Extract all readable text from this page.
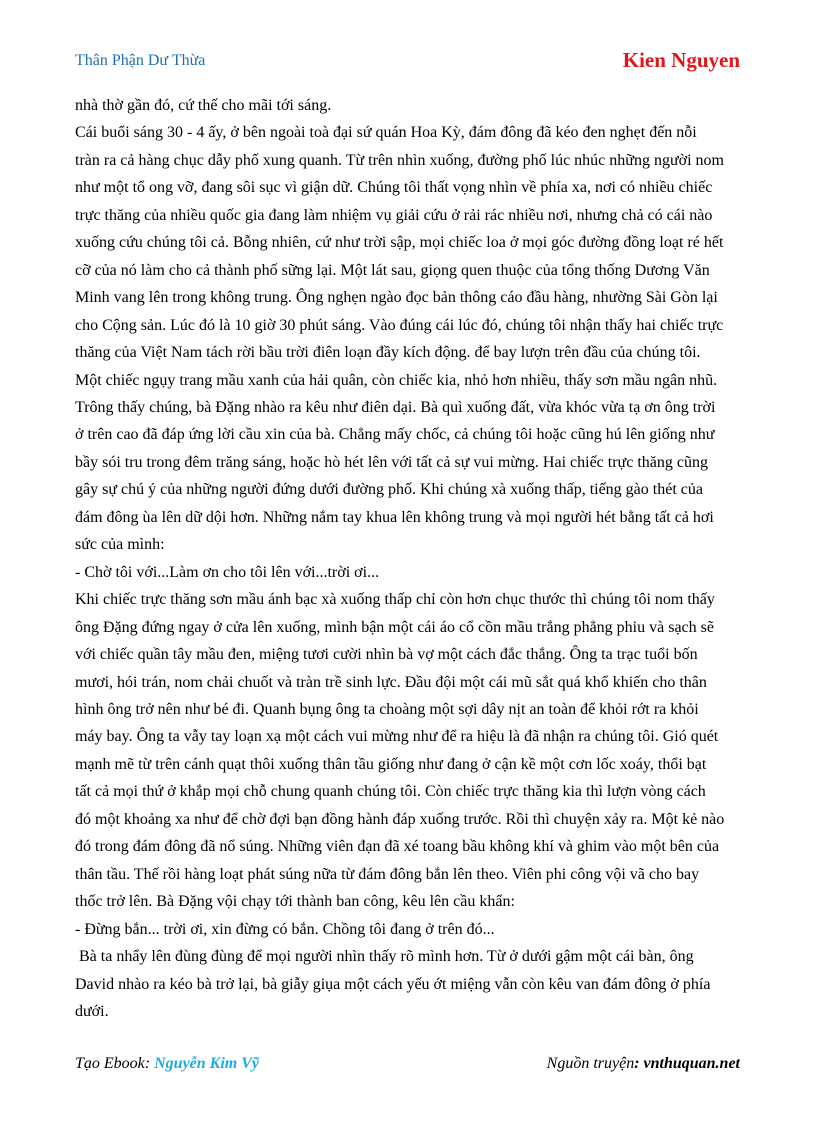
Thân Phận Dư Thừa	Kien Nguyen

nhà thờ gần đó, cứ thế cho mãi tới sáng.

Cái buổi sáng 30 - 4 ấy, ở bên ngoài toà đại sứ quán Hoa Kỳ, đám đông đã kéo đen nghẹt đến nỗi

tràn ra cả hàng chục dẫy phố xung quanh. Từ trên nhìn xuống, đường phố lúc nhúc những người nom

như một tổ ong vỡ, đang sôi sục vì giận dữ. Chúng tôi thất vọng nhìn về phía xa, nơi có nhiều chiếc

trực thăng của nhiều quốc gia đang làm nhiệm vụ giải cứu ở rải rác nhiều nơi, nhưng chả có cái nào

xuống cứu chúng tôi cả. Bỗng nhiên, cứ như trời sập, mọi chiếc loa ở mọi góc đường đồng loạt ré hết

cỡ của nó làm cho cả thành phố sững lại. Một lát sau, giọng quen thuộc của tổng thống Dương Văn

Minh vang lên trong không trung. Ông nghẹn ngào đọc bản thông cáo đầu hàng, nhường Sài Gòn lại

cho Cộng sản. Lúc đó là 10 giờ 30 phút sáng. Vào đúng cái lúc đó, chúng tôi nhận thấy hai chiếc trực

thăng của Việt Nam tách rời bầu trời điên loạn đầy kích động. để bay lượn trên đầu của chúng tôi.

Một chiếc ngụy trang mầu xanh của hải quân, còn chiếc kia, nhỏ hơn nhiều, thấy sơn mầu ngân nhũ.

Trông thấy chúng, bà Đặng nhào ra kêu như điên dại. Bà quì xuống đất, vừa khóc vừa tạ ơn ông trời

ở trên cao đã đáp ứng lời cầu xin của bà. Chẳng mấy chốc, cả chúng tôi hoặc cũng hú lên giống như

bầy sói tru trong đêm trăng sáng, hoặc hò hét lên với tất cả sự vui mừng. Hai chiếc trực thăng cũng

gây sự chú ý của những người đứng dưới đường phố. Khi chúng xà xuống thấp, tiếng gào thét của

đám đông ùa lên dữ dội hơn. Những nắm tay khua lên không trung và mọi người hét bằng tất cả hơi

sức của mình:

- Chờ tôi với...Làm ơn cho tôi lên với...trời ơi...

Khi chiếc trực thăng sơn mầu ánh bạc xà xuống thấp chỉ còn hơn chục thước thì chúng tôi nom thấy

ông Đặng đứng ngay ở cửa lên xuống, mình bận một cái áo cổ cồn mầu trắng phẳng phiu và sạch sẽ

với chiếc quần tây mầu đen, miệng tươi cười nhìn bà vợ một cách đắc thắng. Ông ta trạc tuổi bốn

mươi, hói trán, nom chải chuốt và tràn trề sinh lực. Đầu đội một cái mũ sắt quá khổ khiến cho thân

hình ông trở nên như bé đi. Quanh bụng ông ta choàng một sợi dây nịt an toàn để khỏi rớt ra khỏi

máy bay. Ông ta vẫy tay loạn xạ một cách vui mừng như để ra hiệu là đã nhận ra chúng tôi. Gió quét

mạnh mẽ từ trên cánh quạt thôi xuống thân tầu giống như đang ở cận kề một cơn lốc xoáy, thổi bạt

tất cả mọi thứ ở khắp mọi chỗ chung quanh chúng tôi. Còn chiếc trực thăng kia thì lượn vòng cách

đó một khoảng xa như để chờ đợi bạn đồng hành đáp xuống trước. Rồi thì chuyện xảy ra. Một kẻ nào

đó trong đám đông đã nổ súng. Những viên đạn đã xé toang bầu không khí và ghim vào một bên của

thân tầu. Thế rồi hàng loạt phát súng nữa từ đám đông bắn lên theo. Viên phi công vội vã cho bay

thốc trở lên. Bà Đặng vội chạy tới thành ban công, kêu lên cầu khẩn:

- Đừng bắn... trời ơi, xin đừng có bắn. Chồng tôi đang ở trên đó...

Bà ta nhẩy lên đùng đùng để mọi người nhìn thấy rõ mình hơn. Từ ở dưới gậm một cái bàn, ông

David nhào ra kéo bà trở lại, bà giẫy giụa một cách yếu ớt miệng vẫn còn kêu van đám đông ở phía

dưới.

Tạo Ebook: Nguyễn Kim Vỹ	Nguồn truyện: vnthuquan.net
